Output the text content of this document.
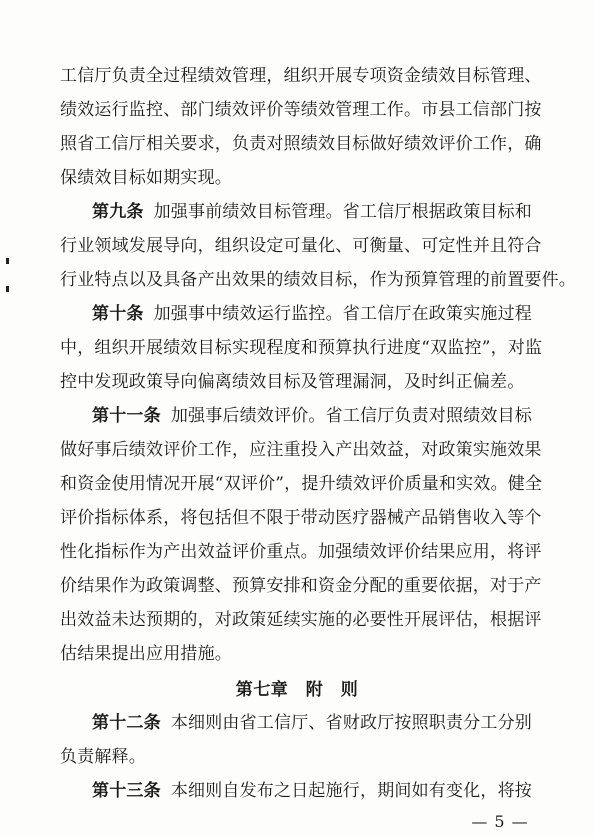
工信厅负责全过程绩效管理，组织开展专项资金绩效目标管理、
绩效运行监控、部门绩效评价等绩效管理工作。市县工信部门按
照省工信厅相关要求，负责对照绩效目标做好绩效评价工作，确
保绩效目标如期实现。
第九条 加强事前绩效目标管理。省工信厅根据政策目标和
行业领域发展导向，组织设定可量化、可衡量、可定性并且符合
行业特点以及具备产出效果的绩效目标，作为预算管理的前置要件。
第十条 加强事中绩效运行监控。省工信厅在政策实施过程
中，组织开展绩效目标实现程度和预算执行进度“双监控”，对监
控中发现政策导向偏离绩效目标及管理漏洞，及时纠正偏差。
第十一条 加强事后绩效评价。省工信厅负责对照绩效目标
做好事后绩效评价工作，应注重投入产出效益，对政策实施效果
和资金使用情况开展“双评价”，提升绩效评价质量和实效。健全
评价指标体系，将包括但不限于带动医疗器械产品销售收入等个
性化指标作为产出效益评价重点。加强绩效评价结果应用，将评
价结果作为政策调整、预算安排和资金分配的重要依据，对于产
出效益未达预期的，对政策延续实施的必要性开展评估，根据评
估结果提出应用措施。
第七章　附　则
第十二条 本细则由省工信厅、省财政厅按照职责分工分别
负责解释。
第十三条 本细则自发布之日起施行，期间如有变化，将按
— 5 —
